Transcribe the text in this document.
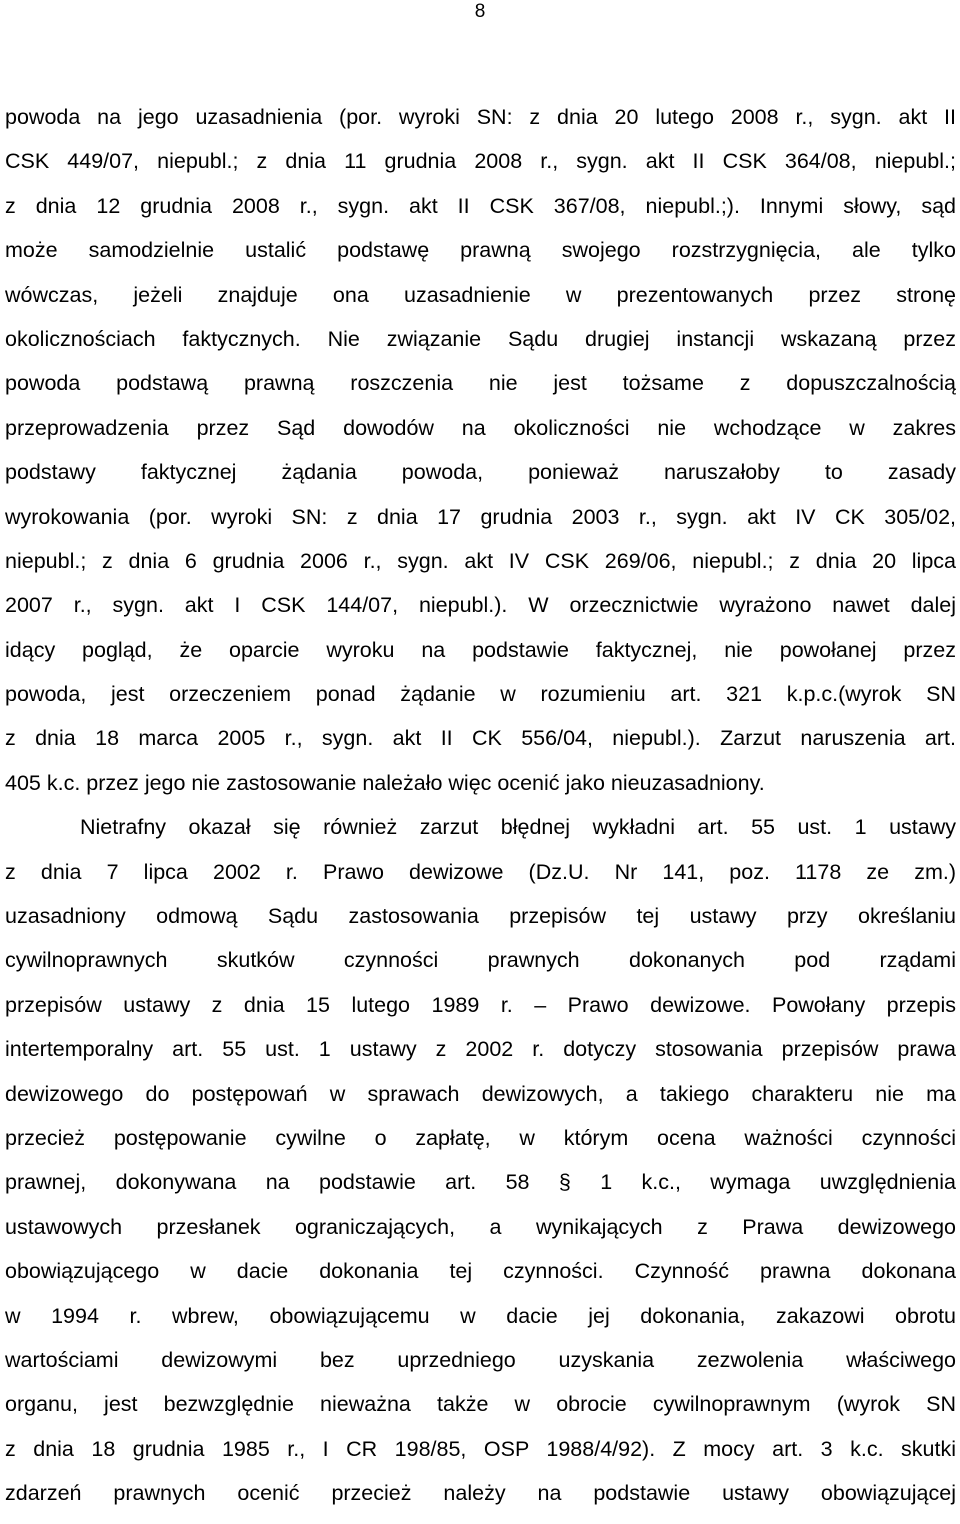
8
powoda na jego uzasadnienia (por. wyroki SN: z dnia 20 lutego 2008 r., sygn. akt II
CSK 449/07, niepubl.; z dnia 11 grudnia 2008 r., sygn. akt II CSK 364/08, niepubl.;
z dnia 12 grudnia 2008 r., sygn. akt II CSK 367/08, niepubl.;). Innymi słowy, sąd
może samodzielnie ustalić podstawę prawną swojego rozstrzygnięcia, ale tylko
wówczas, jeżeli znajduje ona uzasadnienie w prezentowanych przez stronę
okolicznościach faktycznych. Nie związanie Sądu drugiej instancji wskazaną przez
powoda podstawą prawną roszczenia nie jest tożsame z dopuszczalnością
przeprowadzenia przez Sąd dowodów na okoliczności nie wchodzące w zakres
podstawy faktycznej żądania powoda, ponieważ naruszałoby to zasady
wyrokowania (por. wyroki SN: z dnia 17 grudnia 2003 r., sygn. akt IV CK 305/02,
niepubl.; z dnia 6 grudnia 2006 r., sygn. akt IV CSK 269/06, niepubl.; z dnia 20 lipca
2007 r., sygn. akt I CSK 144/07, niepubl.). W orzecznictwie wyrażono nawet dalej
idący pogląd, że oparcie wyroku na podstawie faktycznej, nie powołanej przez
powoda, jest orzeczeniem ponad żądanie w rozumieniu art. 321 k.p.c.(wyrok SN
z dnia 18 marca 2005 r., sygn. akt II CK 556/04, niepubl.). Zarzut naruszenia art.
405 k.c. przez jego nie zastosowanie należało więc ocenić jako nieuzasadniony.
Nietrafny okazał się również zarzut błędnej wykładni art. 55 ust. 1 ustawy
z dnia 7 lipca 2002 r. Prawo dewizowe (Dz.U. Nr 141, poz. 1178 ze zm.)
uzasadniony odmową Sądu zastosowania przepisów tej ustawy przy określaniu
cywilnoprawnych skutków czynności prawnych dokonanych pod rządami
przepisów ustawy z dnia 15 lutego 1989 r. – Prawo dewizowe. Powołany przepis
intertemporalny art. 55 ust. 1 ustawy z 2002 r. dotyczy stosowania przepisów prawa
dewizowego do postępowań w sprawach dewizowych, a takiego charakteru nie ma
przecież postępowanie cywilne o zapłatę, w którym ocena ważności czynności
prawnej, dokonywana na podstawie art. 58 § 1 k.c., wymaga uwzględnienia
ustawowych przesłanek ograniczających, a wynikających z Prawa dewizowego
obowiązującego w dacie dokonania tej czynności. Czynność prawna dokonana
w 1994 r. wbrew, obowiązującemu w dacie jej dokonania, zakazowi obrotu
wartościami dewizowymi bez uprzedniego uzyskania zezwolenia właściwego
organu, jest bezwzględnie nieważna także w obrocie cywilnoprawnym (wyrok SN
z dnia 18 grudnia 1985 r., I CR 198/85, OSP 1988/4/92). Z mocy art. 3 k.c. skutki
zdarzeń prawnych ocenić przecież należy na podstawie ustawy obowiązującej
